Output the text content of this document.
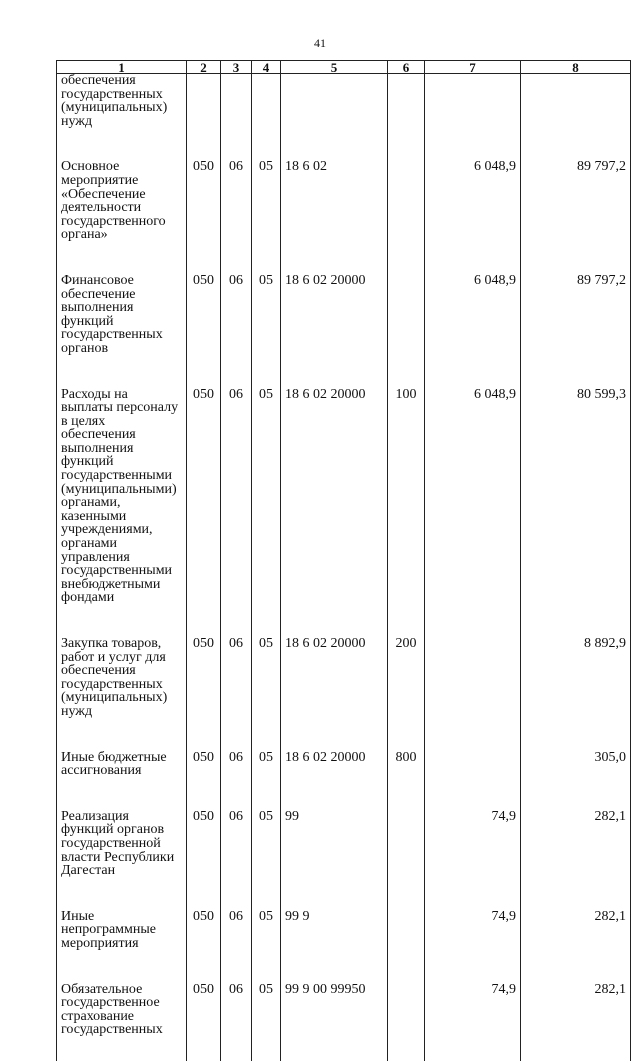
41
1	2	3	4	5	6	7	8
обеспечения государственных (муниципальных) нужд							
Основное мероприятие «Обеспечение деятельности государственного органа»	050	06	05	18 6 02		6 048,9	89 797,2
Финансовое обеспечение выполнения функций государственных органов	050	06	05	18 6 02 20000		6 048,9	89 797,2
Расходы на выплаты персоналу в целях обеспечения выполнения функций государственными (муниципальными) органами, казенными учреждениями, органами управления государственными внебюджетными фондами	050	06	05	18 6 02 20000	100	6 048,9	80 599,3
Закупка товаров, работ и услуг для обеспечения государственных (муниципальных) нужд	050	06	05	18 6 02 20000	200		8 892,9
Иные бюджетные ассигнования	050	06	05	18 6 02 20000	800		305,0
Реализация функций органов государственной власти Республики Дагестан	050	06	05	99		74,9	282,1
Иные непрограммные мероприятия	050	06	05	99 9		74,9	282,1
Обязательное государственное страхование государственных	050	06	05	99 9 00 99950		74,9	282,1
